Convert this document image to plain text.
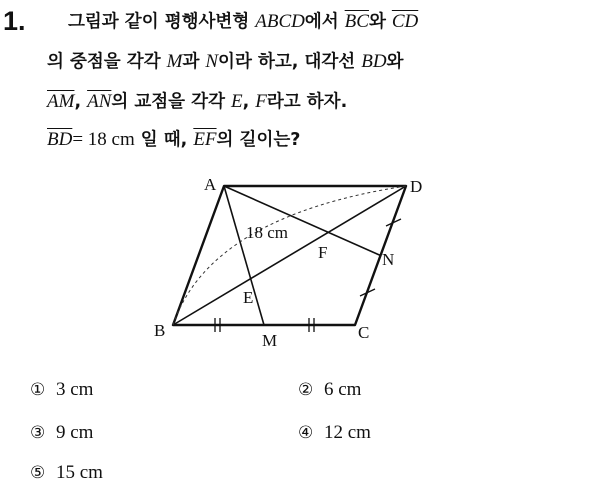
1. 그림과 같이 평행사변형 ABCD에서 $\overline{BC}$와 $\overline{CD}$
의 중점을 각각 M과 N이라 하고, 대각선 BD와
$\overline{AM}$, $\overline{AN}$의 교점을 각각 E, F라고 하자.
$\overline{BD}= 18$ cm 일 때, $\overline{EF}$의 길이는?
A
B	C
D
M
N
E
F
18 cm
① 3 cm	② 6 cm
③ 9 cm	④ 12 cm
⑤ 15 cm
